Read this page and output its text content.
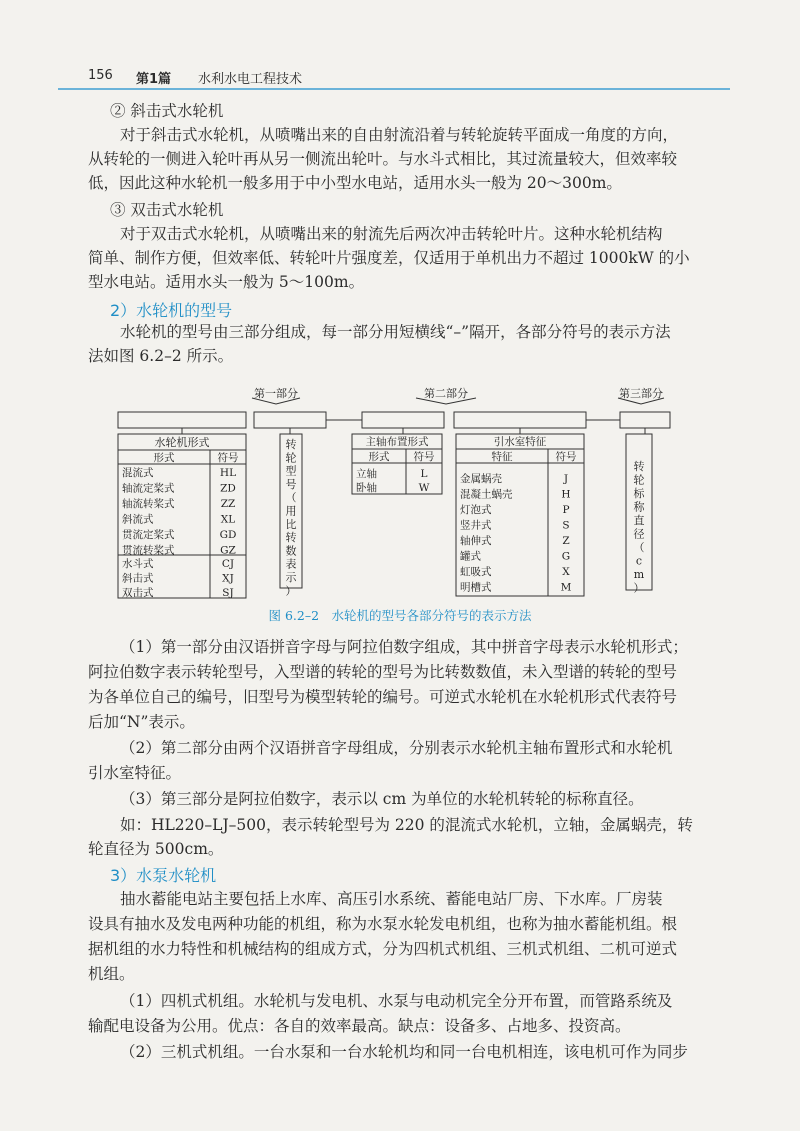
156 第1篇 水利水电工程技术
② 斜击式水轮机
对于斜击式水轮机，从喷嘴出来的自由射流沿着与转轮旋转平面成一角度的方向，
从转轮的一侧进入轮叶再从另一侧流出轮叶。与水斗式相比，其过流量较大，但效率较
低，因此这种水轮机一般多用于中小型水电站，适用水头一般为 20～300m。
③ 双击式水轮机
对于双击式水轮机，从喷嘴出来的射流先后两次冲击转轮叶片。这种水轮机结构
简单、制作方便，但效率低、转轮叶片强度差，仅适用于单机出力不超过 1000kW 的小
型水电站。适用水头一般为 5～100m。
2）水轮机的型号
水轮机的型号由三部分组成，每一部分用短横线“–”隔开，各部分符号的表示方法
法如图 6.2–2 所示。
第一部分	第二部分	第三部分
水轮机形式
形式	符号
混流式	HL
轴流定桨式	ZD
轴流转桨式	ZZ
斜流式	XL
贯流定桨式	GD
贯流转桨式	GZ
水斗式	CJ
斜击式	XJ
双击式	SJ
转轮型号（用比转数表示）
主轴布置形式
形式 符号
立轴	L
卧轴	W
引水室特征
特征	符号
金属蜗壳	J
混凝土蜗壳	H
灯泡式	P
竖井式	S
轴伸式	Z
罐式	G
虹吸式	X
明槽式	M
转轮标称直径（ c m ）
图 6.2–2　水轮机的型号各部分符号的表示方法
（1）第一部分由汉语拼音字母与阿拉伯数字组成，其中拼音字母表示水轮机形式；
阿拉伯数字表示转轮型号，入型谱的转轮的型号为比转数数值，未入型谱的转轮的型号
为各单位自己的编号，旧型号为模型转轮的编号。可逆式水轮机在水轮机形式代表符号
后加“N”表示。
（2）第二部分由两个汉语拼音字母组成，分别表示水轮机主轴布置形式和水轮机
引水室特征。
（3）第三部分是阿拉伯数字，表示以 cm 为单位的水轮机转轮的标称直径。
如：HL220–LJ–500，表示转轮型号为 220 的混流式水轮机，立轴，金属蜗壳，转
轮直径为 500cm。
3）水泵水轮机
抽水蓄能电站主要包括上水库、高压引水系统、蓄能电站厂房、下水库。厂房装
设具有抽水及发电两种功能的机组，称为水泵水轮发电机组，也称为抽水蓄能机组。根
据机组的水力特性和机械结构的组成方式，分为四机式机组、三机式机组、二机可逆式
机组。
（1）四机式机组。水轮机与发电机、水泵与电动机完全分开布置，而管路系统及
输配电设备为公用。优点：各自的效率最高。缺点：设备多、占地多、投资高。
（2）三机式机组。一台水泵和一台水轮机均和同一台电机相连，该电机可作为同步
